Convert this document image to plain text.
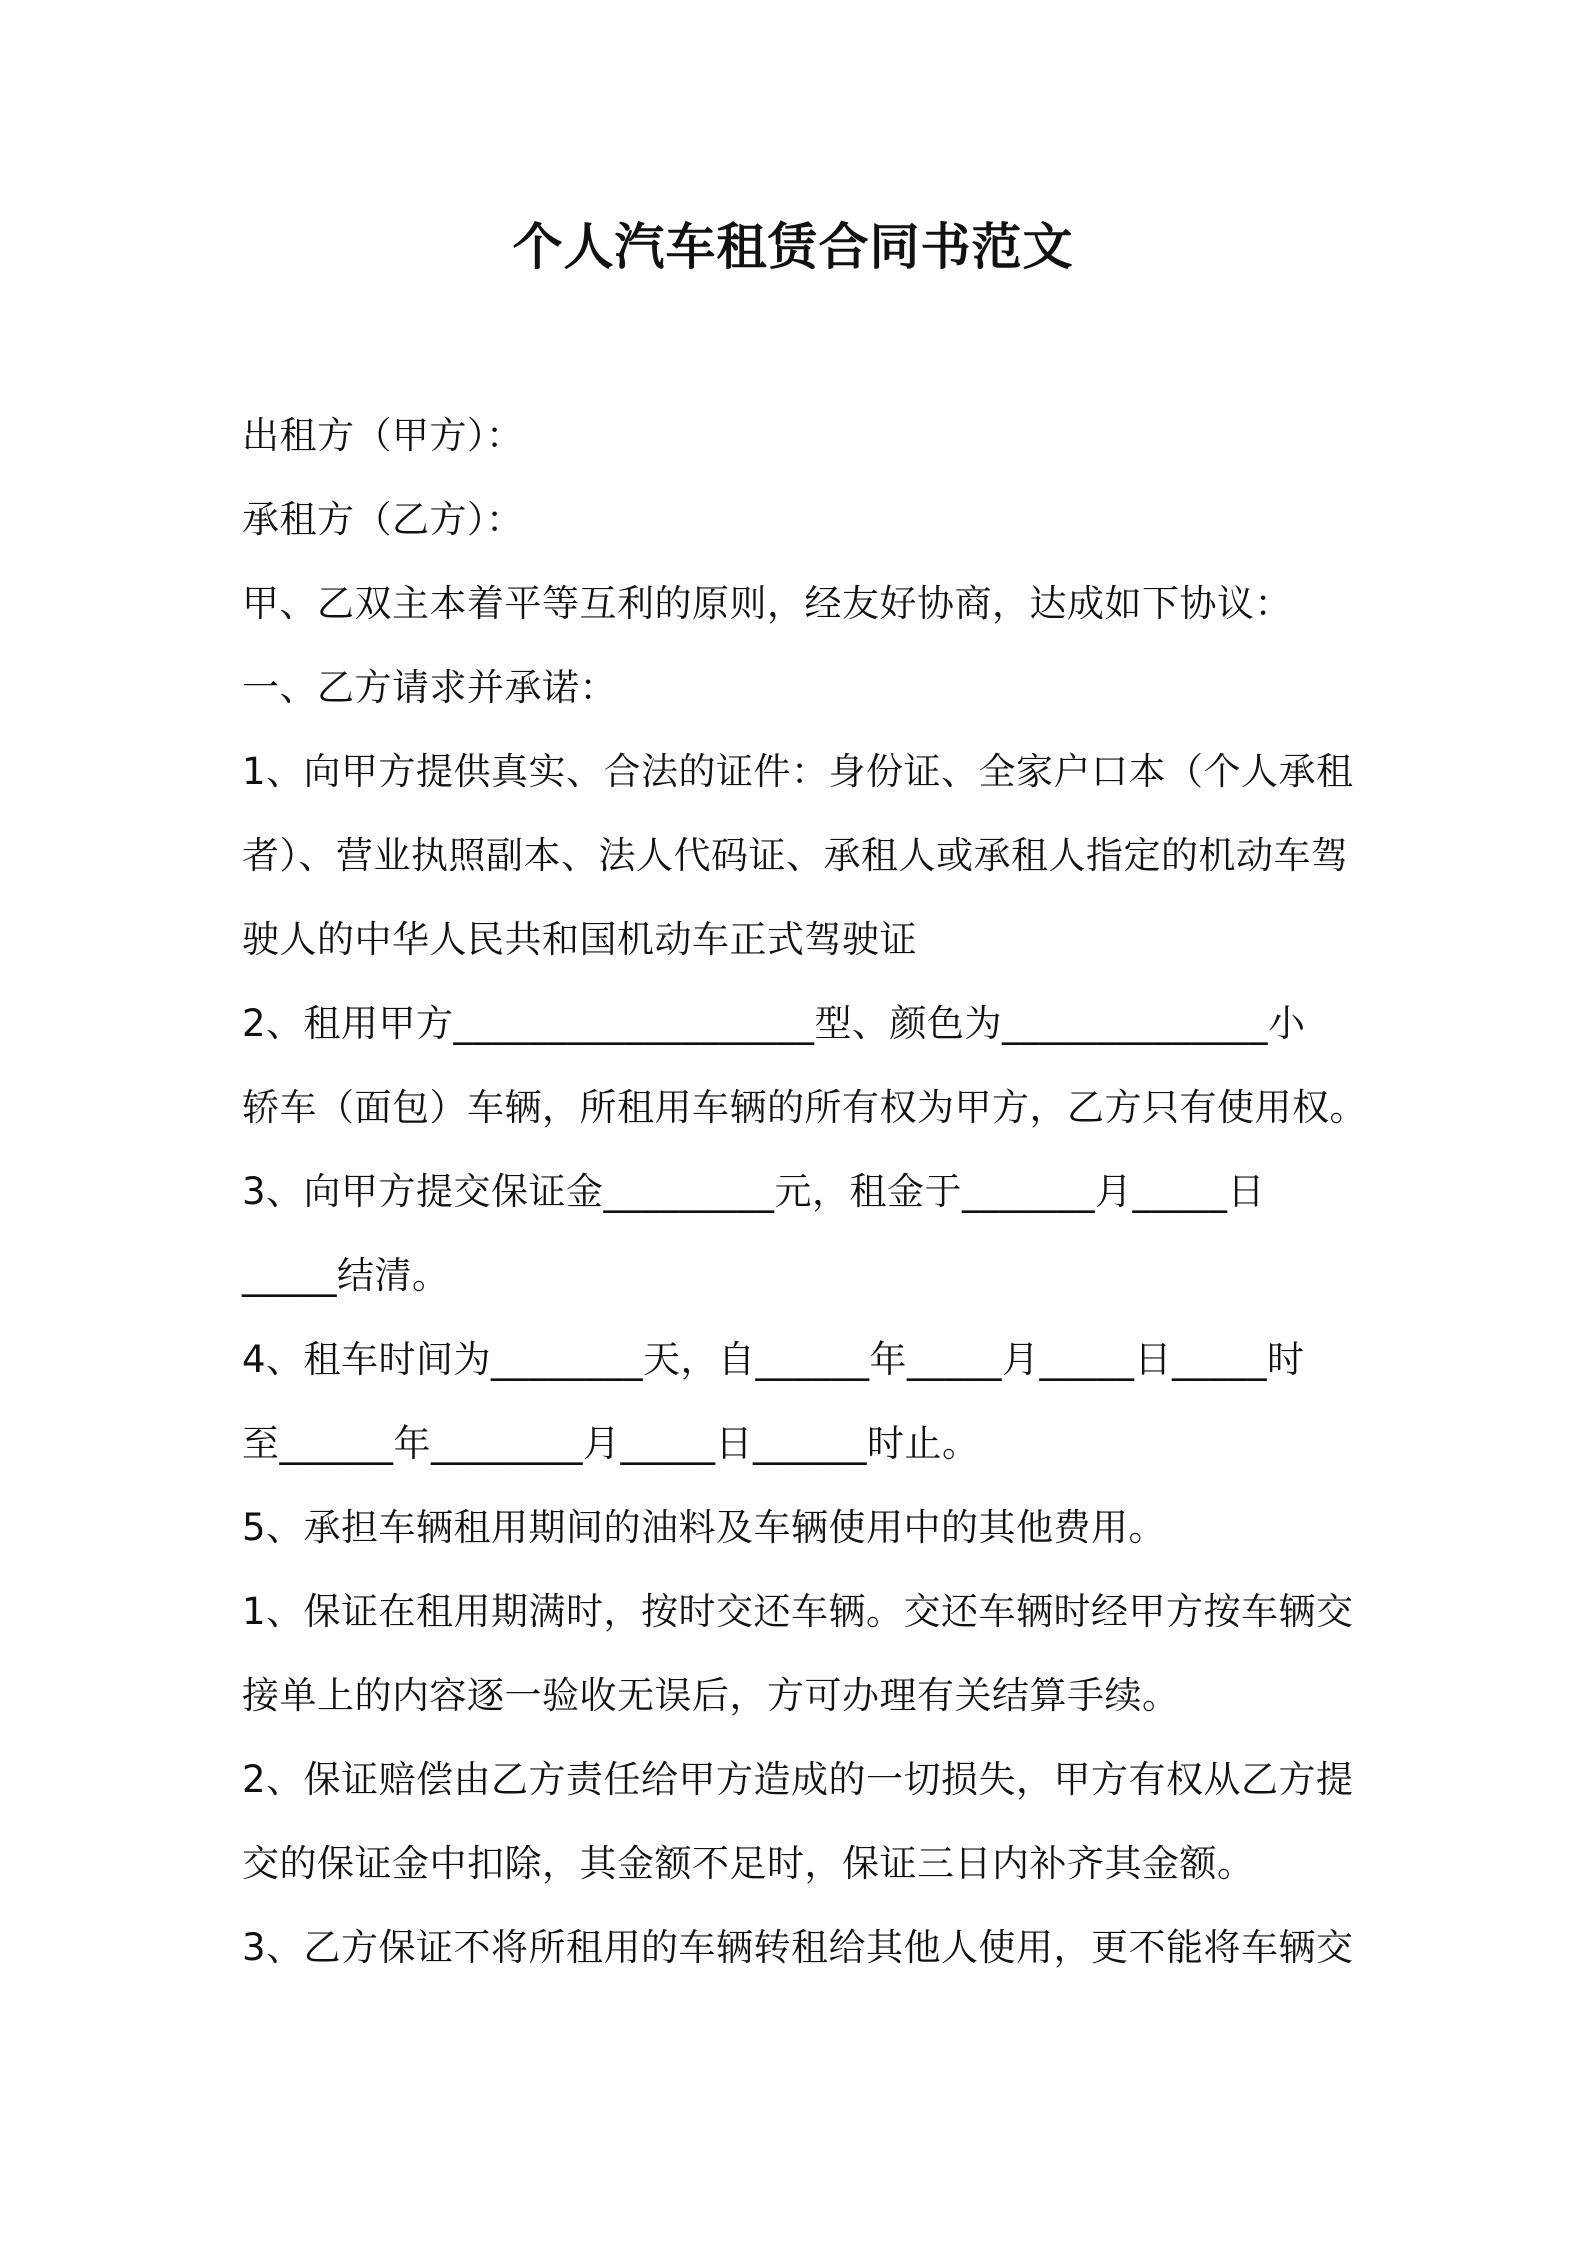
个人汽车租赁合同书范文
出租方（甲方）：
承租方（乙方）：
甲、乙双主本着平等互利的原则，经友好协商，达成如下协议：
一、乙方请求并承诺：
1、向甲方提供真实、合法的证件：身份证、全家户口本（个人承租
者）、营业执照副本、法人代码证、承租人或承租人指定的机动车驾
驶人的中华人民共和国机动车正式驾驶证
2、租用甲方___________________型、颜色为______________小
轿车（面包）车辆，所租用车辆的所有权为甲方，乙方只有使用权。
3、向甲方提交保证金_________元，租金于_______月_____日
_____结清。
4、租车时间为________天，自______年_____月_____日_____时
至______年________月_____日______时止。
5、承担车辆租用期间的油料及车辆使用中的其他费用。
1、保证在租用期满时，按时交还车辆。交还车辆时经甲方按车辆交
接单上的内容逐一验收无误后，方可办理有关结算手续。
2、保证赔偿由乙方责任给甲方造成的一切损失，甲方有权从乙方提
交的保证金中扣除，其金额不足时，保证三日内补齐其金额。
3、乙方保证不将所租用的车辆转租给其他人使用，更不能将车辆交
